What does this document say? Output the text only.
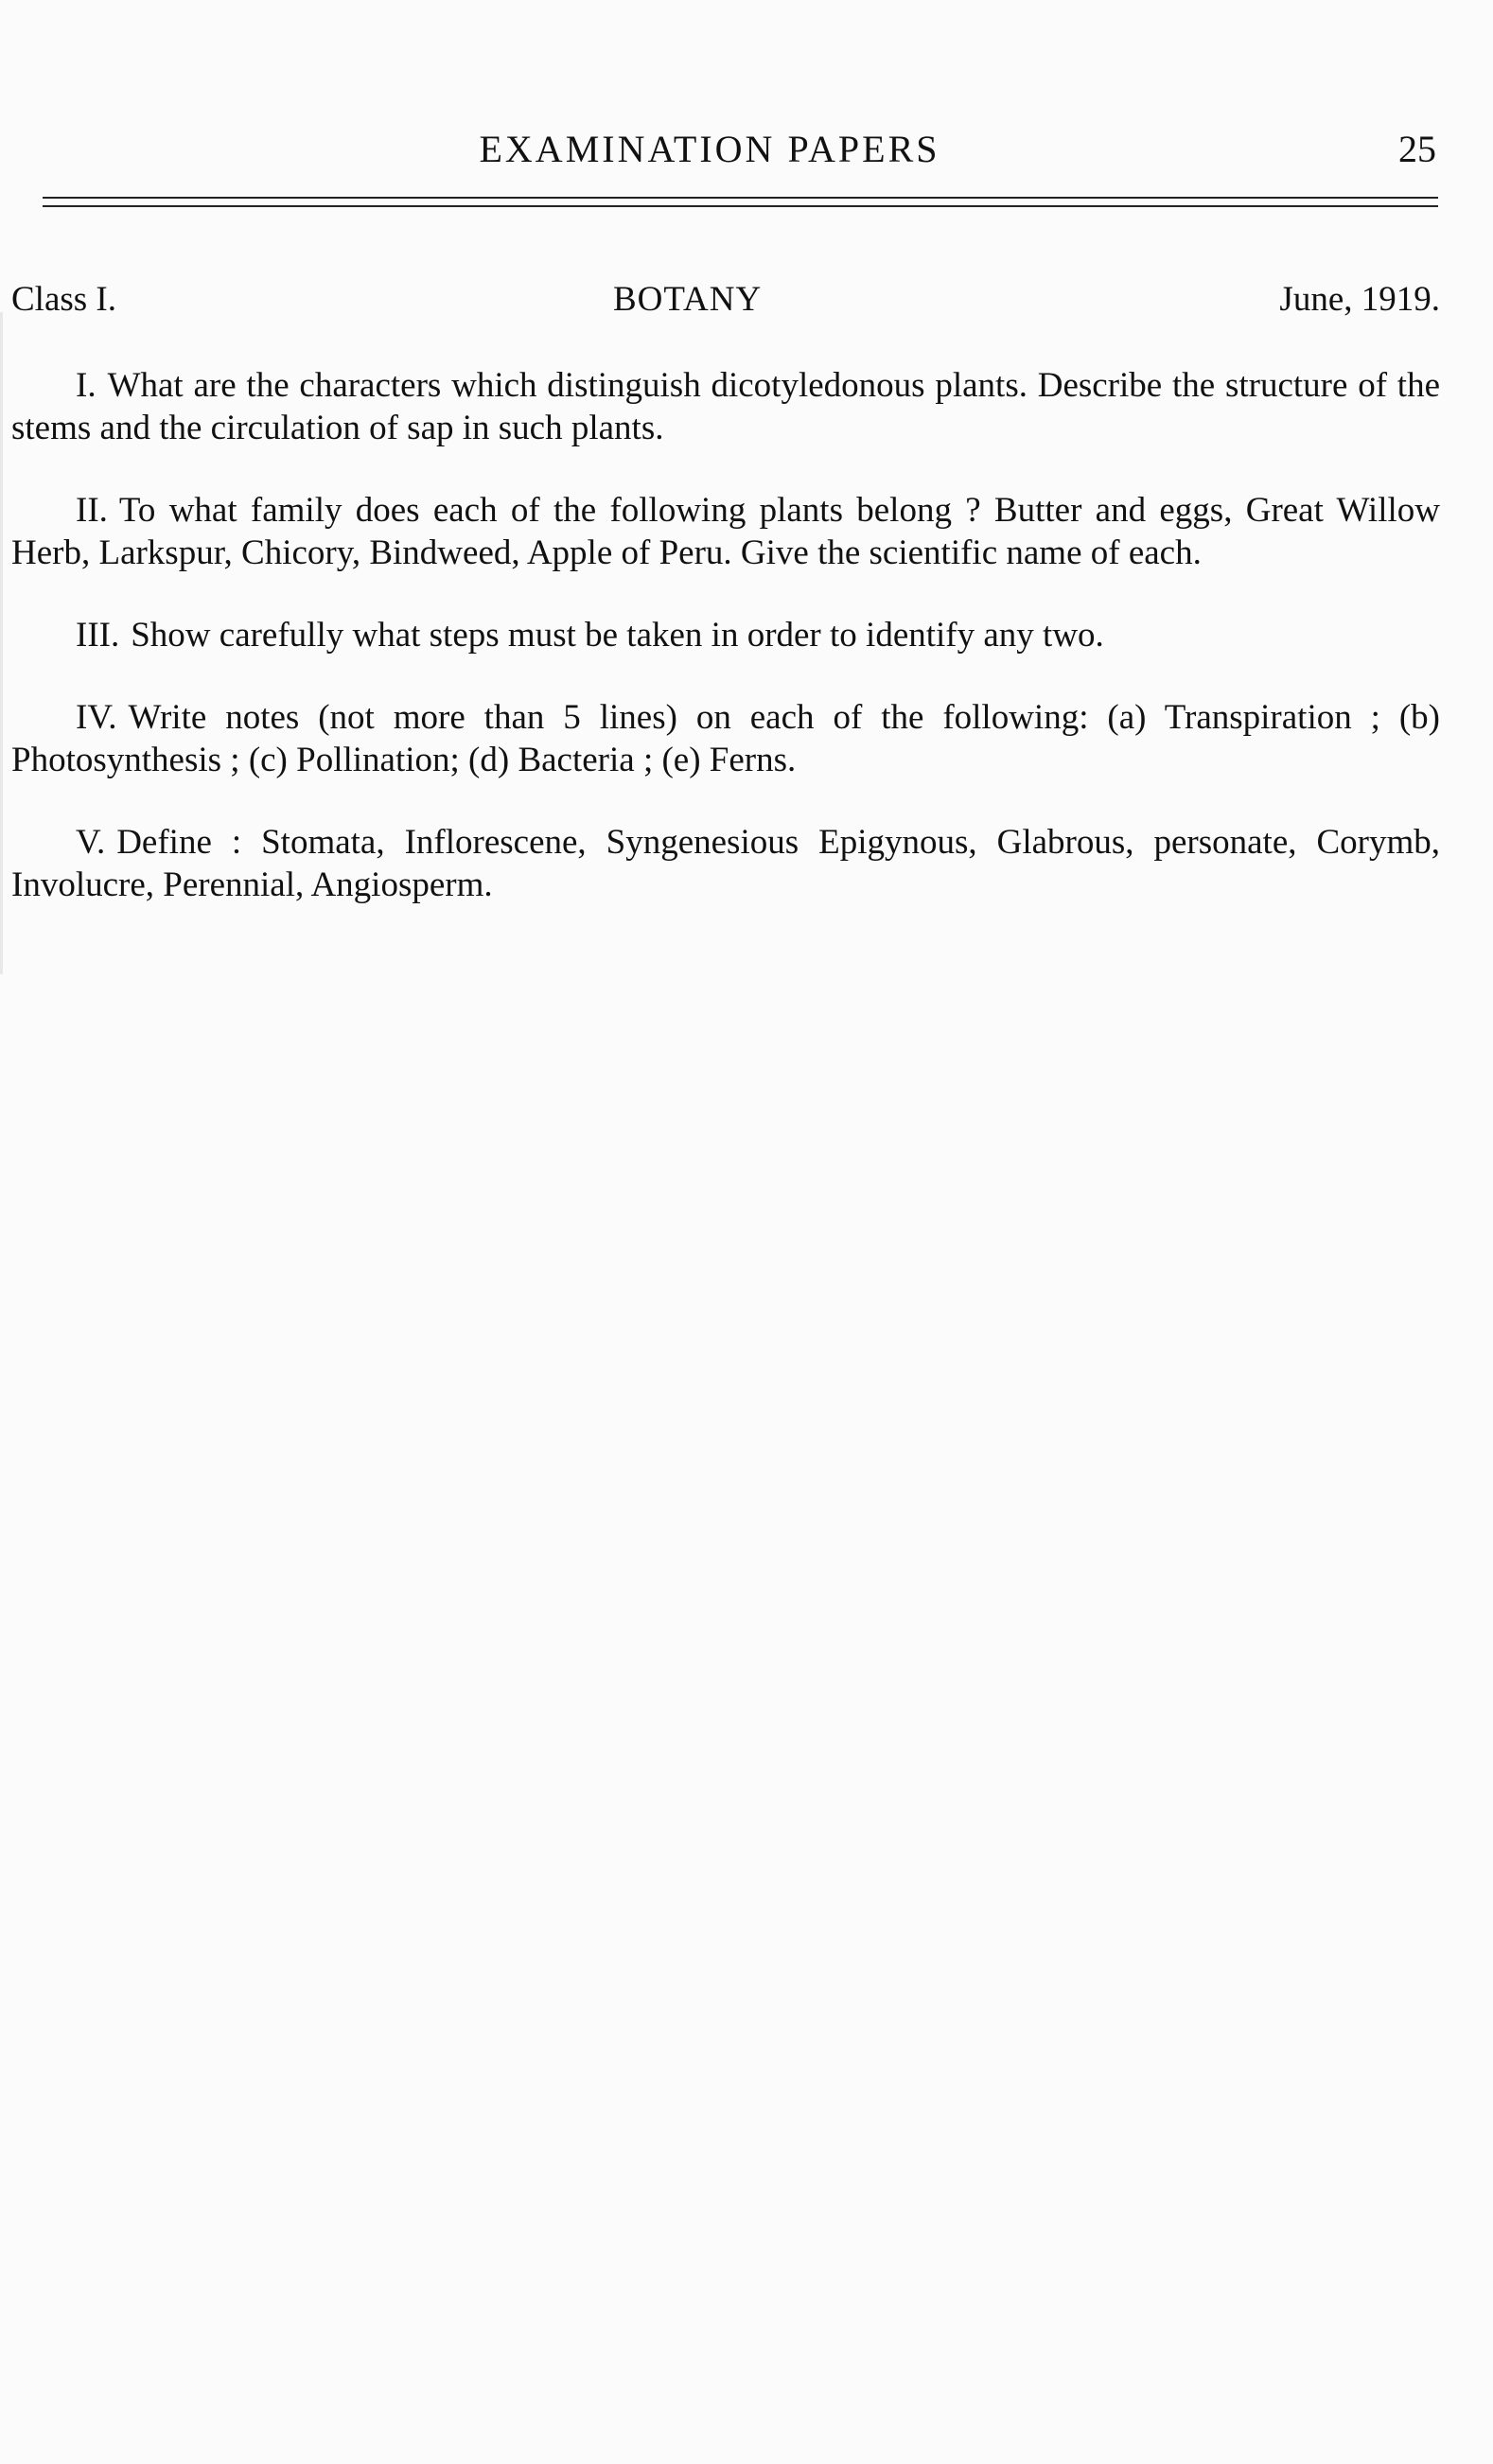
EXAMINATION PAPERS	25
Class I.	BOTANY	June, 1919.

I. What are the characters which distinguish dicotyledonous plants. Describe the structure of the stems and the circulation of sap in such plants.

II. To what family does each of the following plants belong ? Butter and eggs, Great Willow Herb, Larkspur, Chicory, Bindweed, Apple of Peru. Give the scientific name of each.

III. Show carefully what steps must be taken in order to identify any two.

IV. Write notes (not more than 5 lines) on each of the following: (a) Transpiration ; (b) Photosynthesis ; (c) Pollination; (d) Bacteria ; (e) Ferns.

V. Define : Stomata, Inflorescene, Syngenesious Epigynous, Glabrous, personate, Corymb, Involucre, Perennial, Angiosperm.
